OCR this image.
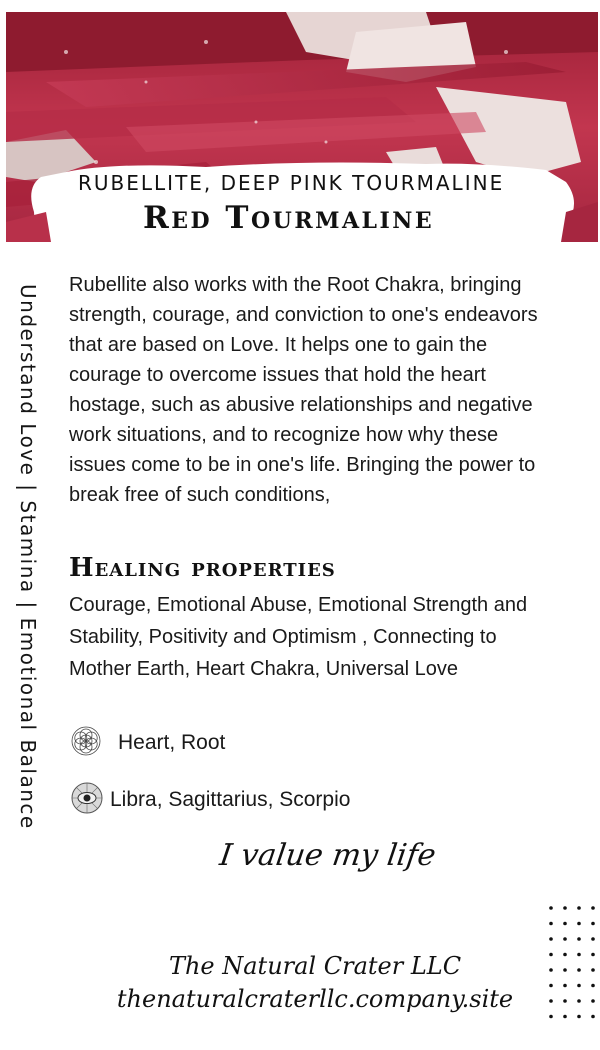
RUBELLITE, DEEP PINK TOURMALINE
Red Tourmaline
Understand Love | Stamina | Emotional Balance Rubellite also works with the Root Chakra, bringing strength, courage, and conviction to one's endeavors that are based on Love. It helps one to gain the courage to overcome issues that hold the heart hostage, such as abusive relationships and negative work situations, and to recognize how why these issues come to be in one's life. Bringing the power to break free of such conditions,

Healing properties

Courage, Emotional Abuse, Emotional Strength and Stability, Positivity and Optimism , Connecting to Mother Earth, Heart Chakra, Universal Love

Heart, Root
Libra, Sagittarius, Scorpio
I value my life
The Natural Crater LLC
thenaturalcraterllc.company.site
